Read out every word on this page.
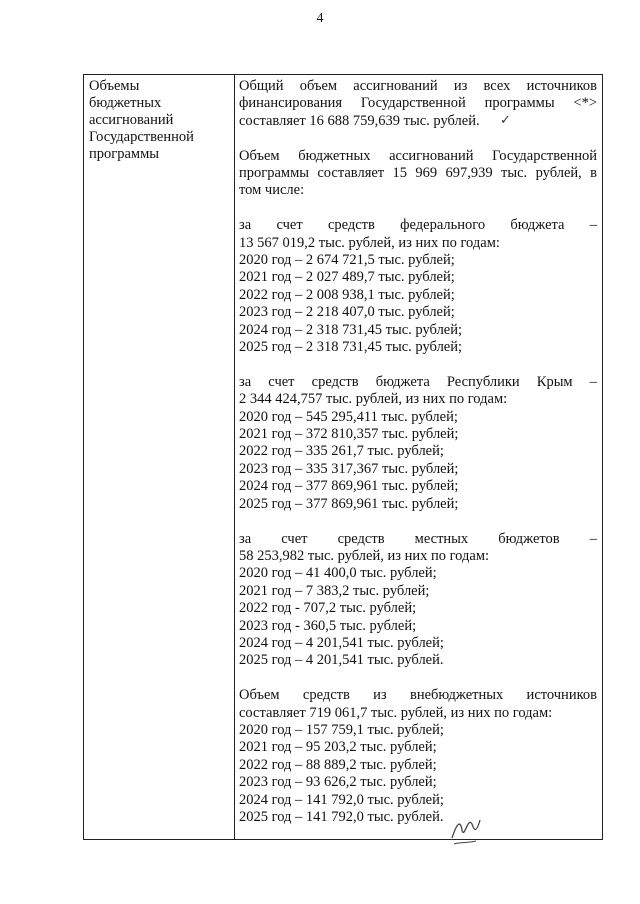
4
Объемы
бюджетных
ассигнований
Государственной
программы
Общий объем ассигнований из всех источников
финансирования Государственной программы <*>
составляет 16 688 759,639 тыс. рублей.
Объем бюджетных ассигнований Государственной
программы составляет 15 969 697,939 тыс. рублей, в
том числе:
за счет средств федерального бюджета –
13 567 019,2 тыс. рублей, из них по годам:
2020 год – 2 674 721,5 тыс. рублей;
2021 год – 2 027 489,7 тыс. рублей;
2022 год – 2 008 938,1 тыс. рублей;
2023 год – 2 218 407,0 тыс. рублей;
2024 год – 2 318 731,45 тыс. рублей;
2025 год – 2 318 731,45 тыс. рублей;
за счет средств бюджета Республики Крым –
2 344 424,757 тыс. рублей, из них по годам:
2020 год – 545 295,411 тыс. рублей;
2021 год – 372 810,357 тыс. рублей;
2022 год – 335 261,7 тыс. рублей;
2023 год – 335 317,367 тыс. рублей;
2024 год – 377 869,961 тыс. рублей;
2025 год – 377 869,961 тыс. рублей;
за счет средств местных бюджетов –
58 253,982 тыс. рублей, из них по годам:
2020 год – 41 400,0 тыс. рублей;
2021 год – 7 383,2 тыс. рублей;
2022 год - 707,2 тыс. рублей;
2023 год - 360,5 тыс. рублей;
2024 год – 4 201,541 тыс. рублей;
2025 год – 4 201,541 тыс. рублей.
Объем средств из внебюджетных источников
составляет 719 061,7 тыс. рублей, из них по годам:
2020 год – 157 759,1 тыс. рублей;
2021 год – 95 203,2 тыс. рублей;
2022 год – 88 889,2 тыс. рублей;
2023 год – 93 626,2 тыс. рублей;
2024 год – 141 792,0 тыс. рублей;
2025 год – 141 792,0 тыс. рублей.
✓
